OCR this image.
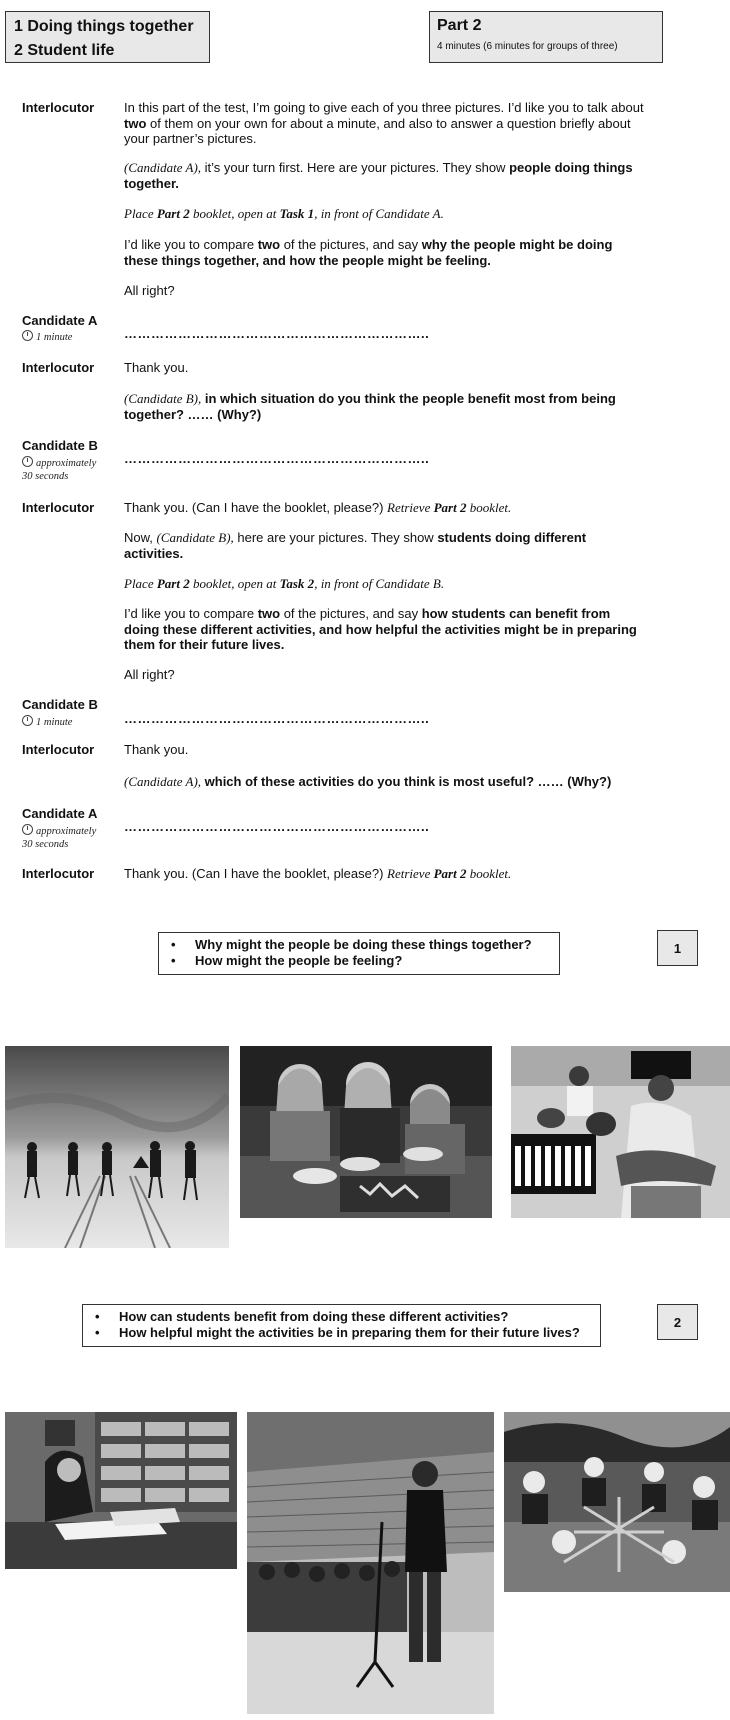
1 Doing things together
2 Student life
Part 2
4 minutes (6 minutes for groups of three)
Interlocutor In this part of the test, I’m going to give each of you three pictures. I’d like you to talk about two of them on your own for about a minute, and also to answer a question briefly about your partner’s pictures.
(Candidate A), it’s your turn first. Here are your pictures. They show people doing things together.
Place Part 2 booklet, open at Task 1, in front of Candidate A.
I’d like you to compare two of the pictures, and say why the people might be doing these things together, and how the people might be feeling.
All right?
Candidate A
1 minute	…………………………………………………………..
Interlocutor Thank you.
(Candidate B), in which situation do you think the people benefit most from being together? …… (Why?)
Candidate B
approximately
30 seconds
…………………………………………………………..
Interlocutor Thank you. (Can I have the booklet, please?) Retrieve Part 2 booklet.
Now, (Candidate B), here are your pictures. They show students doing different activities.
Place Part 2 booklet, open at Task 2, in front of Candidate B.
I’d like you to compare two of the pictures, and say how students can benefit from doing these different activities, and how helpful the activities might be in preparing them for their future lives.
All right?
Candidate B
1 minute	…………………………………………………………..
Interlocutor Thank you.
(Candidate A), which of these activities do you think is most useful? …… (Why?)
Candidate A
approximately
30 seconds
…………………………………………………………..
Interlocutor Thank you. (Can I have the booklet, please?) Retrieve Part 2 booklet.
• Why might the people be doing these things together?
• How might the people be feeling?
1
• How can students benefit from doing these different activities?
• How helpful might the activities be in preparing them for their future lives?
2
